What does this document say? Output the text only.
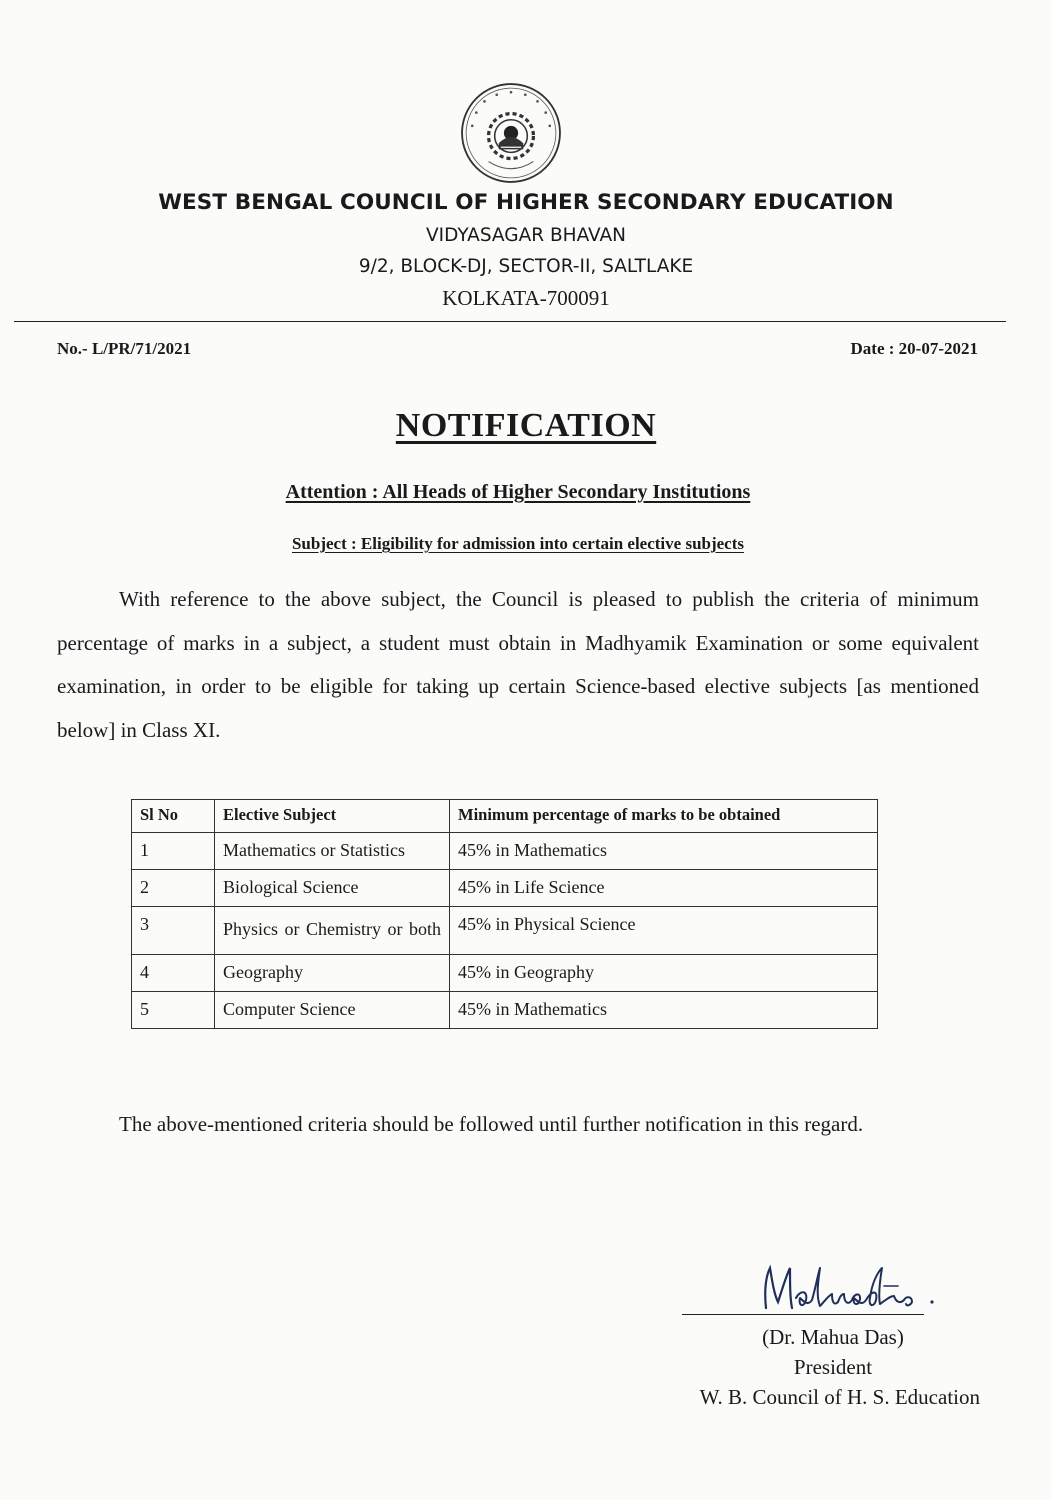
WEST BENGAL COUNCIL OF HIGHER SECONDARY EDUCATION
VIDYASAGAR BHAVAN
9/2, BLOCK-DJ, SECTOR-II, SALTLAKE
KOLKATA-700091
No.- L/PR/71/2021	Date : 20-07-2021
NOTIFICATION
Attention : All Heads of Higher Secondary Institutions
Subject : Eligibility for admission into certain elective subjects
With reference to the above subject, the Council is pleased to publish the criteria of minimum percentage of marks in a subject, a student must obtain in Madhyamik Examination or some equivalent examination, in order to be eligible for taking up certain Science-based elective subjects [as mentioned below] in Class XI.
Sl No	Elective Subject	Minimum percentage of marks to be obtained
1	Mathematics or Statistics	45% in Mathematics
2	Biological Science	45% in Life Science
3	Physics or Chemistry or both	45% in Physical Science
4	Geography	45% in Geography
5	Computer Science	45% in Mathematics
The above-mentioned criteria should be followed until further notification in this regard.
(Dr. Mahua Das)
President
W. B. Council of H. S. Education
